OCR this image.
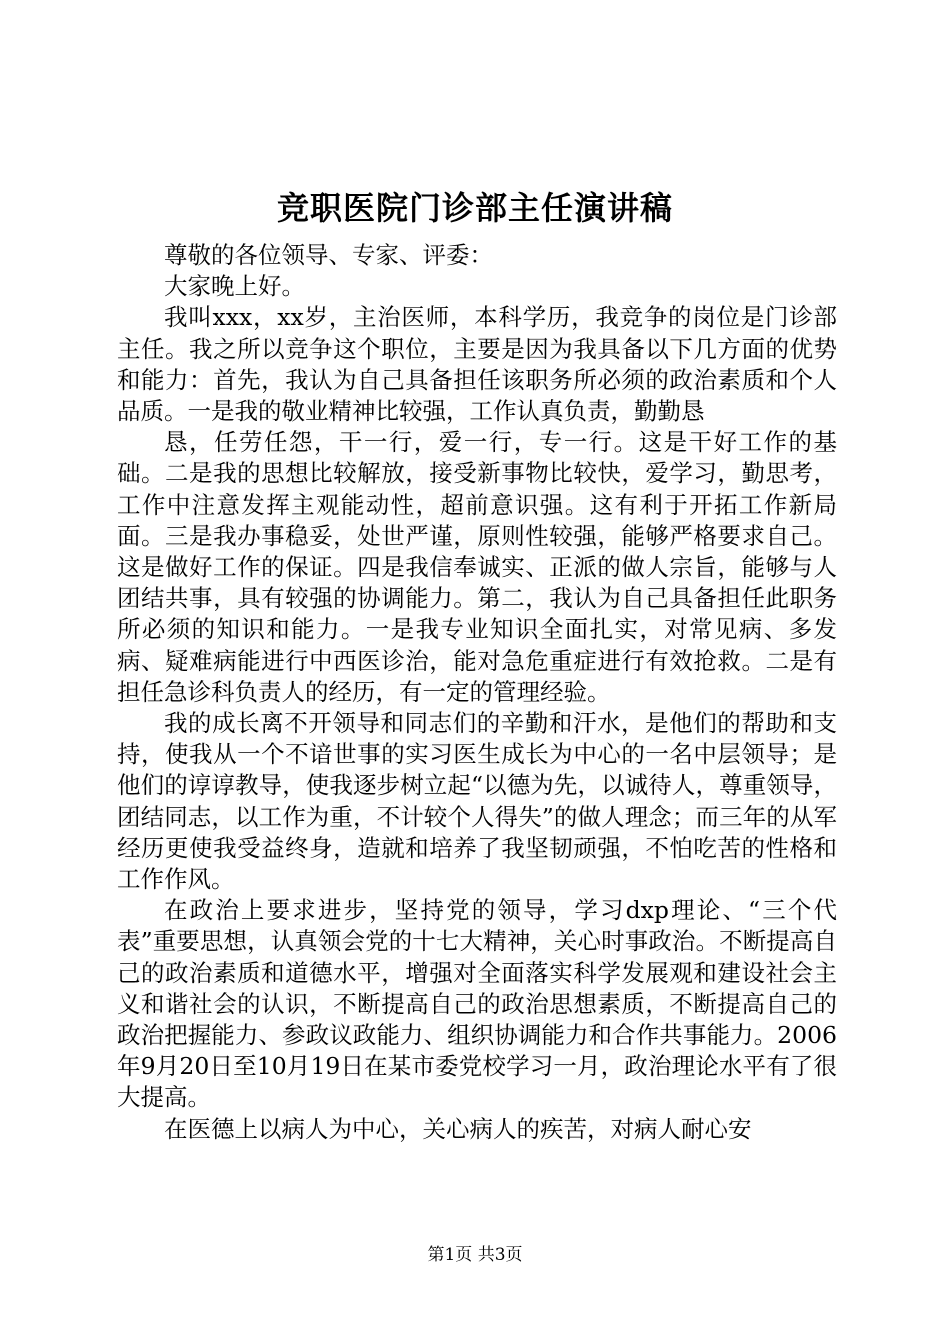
竞职医院门诊部主任演讲稿

尊敬的各位领导、专家、评委：

大家晚上好。

我叫xxx，xx岁，主治医师，本科学历，我竞争的岗位是门诊部主任。我之所以竞争这个职位，主要是因为我具备以下几方面的优势和能力：首先，我认为自己具备担任该职务所必须的政治素质和个人品质。一是我的敬业精神比较强，工作认真负责，勤勤恳

恳，任劳任怨，干一行，爱一行，专一行。这是干好工作的基础。二是我的思想比较解放，接受新事物比较快，爱学习，勤思考，工作中注意发挥主观能动性，超前意识强。这有利于开拓工作新局面。三是我办事稳妥，处世严谨，原则性较强，能够严格要求自己。这是做好工作的保证。四是我信奉诚实、正派的做人宗旨，能够与人团结共事，具有较强的协调能力。第二，我认为自己具备担任此职务所必须的知识和能力。一是我专业知识全面扎实，对常见病、多发病、疑难病能进行中西医诊治，能对急危重症进行有效抢救。二是有担任急诊科负责人的经历，有一定的管理经验。

我的成长离不开领导和同志们的辛勤和汗水，是他们的帮助和支持，使我从一个不谙世事的实习医生成长为中心的一名中层领导；是他们的谆谆教导，使我逐步树立起“以德为先，以诚待人，尊重领导，团结同志，以工作为重，不计较个人得失”的做人理念；而三年的从军经历更使我受益终身，造就和培养了我坚韧顽强，不怕吃苦的性格和工作作风。

在政治上要求进步，坚持党的领导，学习dxp理论、“三个代表”重要思想，认真领会党的十七大精神，关心时事政治。不断提高自己的政治素质和道德水平，增强对全面落实科学发展观和建设社会主义和谐社会的认识，不断提高自己的政治思想素质，不断提高自己的政治把握能力、参政议政能力、组织协调能力和合作共事能力。2006年9月20日至10月19日在某市委党校学习一月，政治理论水平有了很大提高。

在医德上以病人为中心，关心病人的疾苦，对病人耐心安

第1页 共3页
